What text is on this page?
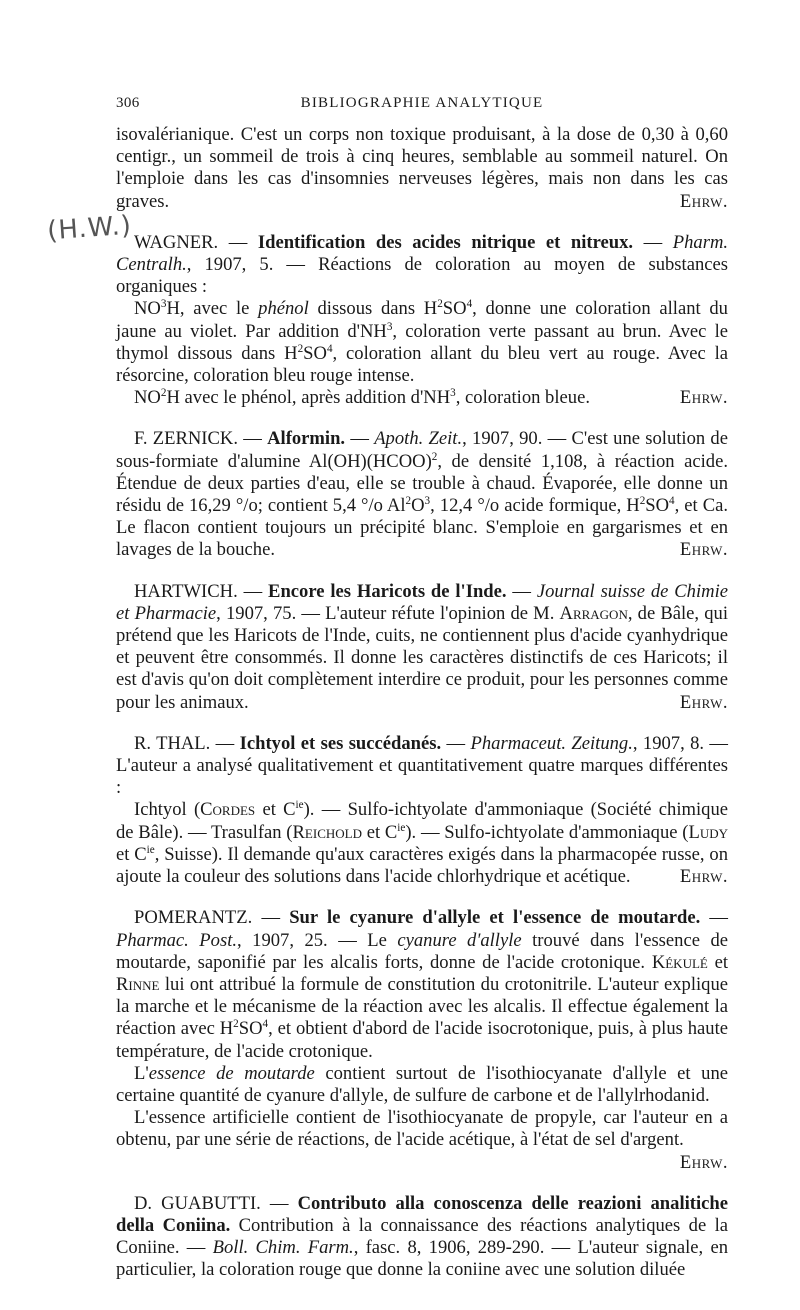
(H.W.)
306	BIBLIOGRAPHIE ANALYTIQUE

isovalérianique. C'est un corps non toxique produisant, à la dose de 0,30 à 0,60 centigr., un sommeil de trois à cinq heures, semblable au sommeil naturel. On l'emploie dans les cas d'insomnies nerveuses légères, mais non dans les cas graves.	Ehrw.

WAGNER. — Identification des acides nitrique et nitreux. — Pharm. Centralh., 1907, 5. — Réactions de coloration au moyen de substances organiques :

$NO^3H$, avec le phénol dissous dans $H^2SO^4$, donne une coloration allant du jaune au violet. Par addition $d'NH^3$, coloration verte passant au brun. Avec le thymol dissous dans $H^2SO^4$, coloration allant du bleu vert au rouge. Avec la résorcine, coloration bleu rouge intense.

$NO^2H$ avec le phénol, après addition $d'NH^3$, coloration bleue.	Ehrw.

F. ZERNICK. — Alformin. — Apoth. Zeit., 1907, 90. — C'est une solution de sous-formiate d'alumine Al(OH)(HCOO)$^2$, de densité 1,108, à réaction acide. Étendue de deux parties d'eau, elle se trouble à chaud. Évaporée, elle donne un résidu de 16,29 °/o; contient 5,4 °/o $Al^2O^3$, 12,4 °/o acide formique, $H^2SO^4$, et Ca. Le flacon contient toujours un précipité blanc. S'emploie en gargarismes et en lavages de la bouche.	Ehrw.

HARTWICH. — Encore les Haricots de l'Inde. — Journal suisse de Chimie et Pharmacie, 1907, 75. — L'auteur réfute l'opinion de M. Arragon, de Bâle, qui prétend que les Haricots de l'Inde, cuits, ne contiennent plus d'acide cyanhydrique et peuvent être consommés. Il donne les caractères distinctifs de ces Haricots; il est d'avis qu'on doit complètement interdire ce produit, pour les personnes comme pour les animaux.	Ehrw.

R. THAL. — Ichtyol et ses succédanés. — Pharmaceut. Zeitung., 1907, 8. — L'auteur a analysé qualitativement et quantitativement quatre marques différentes :

Ichtyol (Cordes et $C^{ie}$). — Sulfo-ichtyolate d'ammoniaque (Société chimique de Bâle). — Trasulfan (Reichold et $C^{ie}$). — Sulfo-ichtyolate d'ammoniaque (Ludy et $C^{ie}$, Suisse). Il demande qu'aux caractères exigés dans la pharmacopée russe, on ajoute la couleur des solutions dans l'acide chlorhydrique et acétique.	Ehrw.

POMERANTZ. — Sur le cyanure d'allyle et l'essence de moutarde. — Pharmac. Post., 1907, 25. — Le cyanure d'allyle trouvé dans l'essence de moutarde, saponifié par les alcalis forts, donne de l'acide crotonique. Kékulé et Rinne lui ont attribué la formule de constitution du crotonitrile. L'auteur explique la marche et le mécanisme de la réaction avec les alcalis. Il effectue également la réaction avec $H^2SO^4$, et obtient d'abord de l'acide isocrotonique, puis, à plus haute température, de l'acide crotonique.

L'essence de moutarde contient surtout de l'isothiocyanate d'allyle et une certaine quantité de cyanure d'allyle, de sulfure de carbone et de l'allylrhodanid.

L'essence artificielle contient de l'isothiocyanate de propyle, car l'auteur en a obtenu, par une série de réactions, de l'acide acétique, à l'état de sel d'argent.
Ehrw.

D. GUABUTTI. — Contributo alla conoscenza delle reazioni analitiche della Coniina. Contribution à la connaissance des réactions analytiques de la Coniine. — Boll. Chim. Farm., fasc. 8, 1906, 289-290. — L'auteur signale, en particulier, la coloration rouge que donne la coniine avec une solution diluée
